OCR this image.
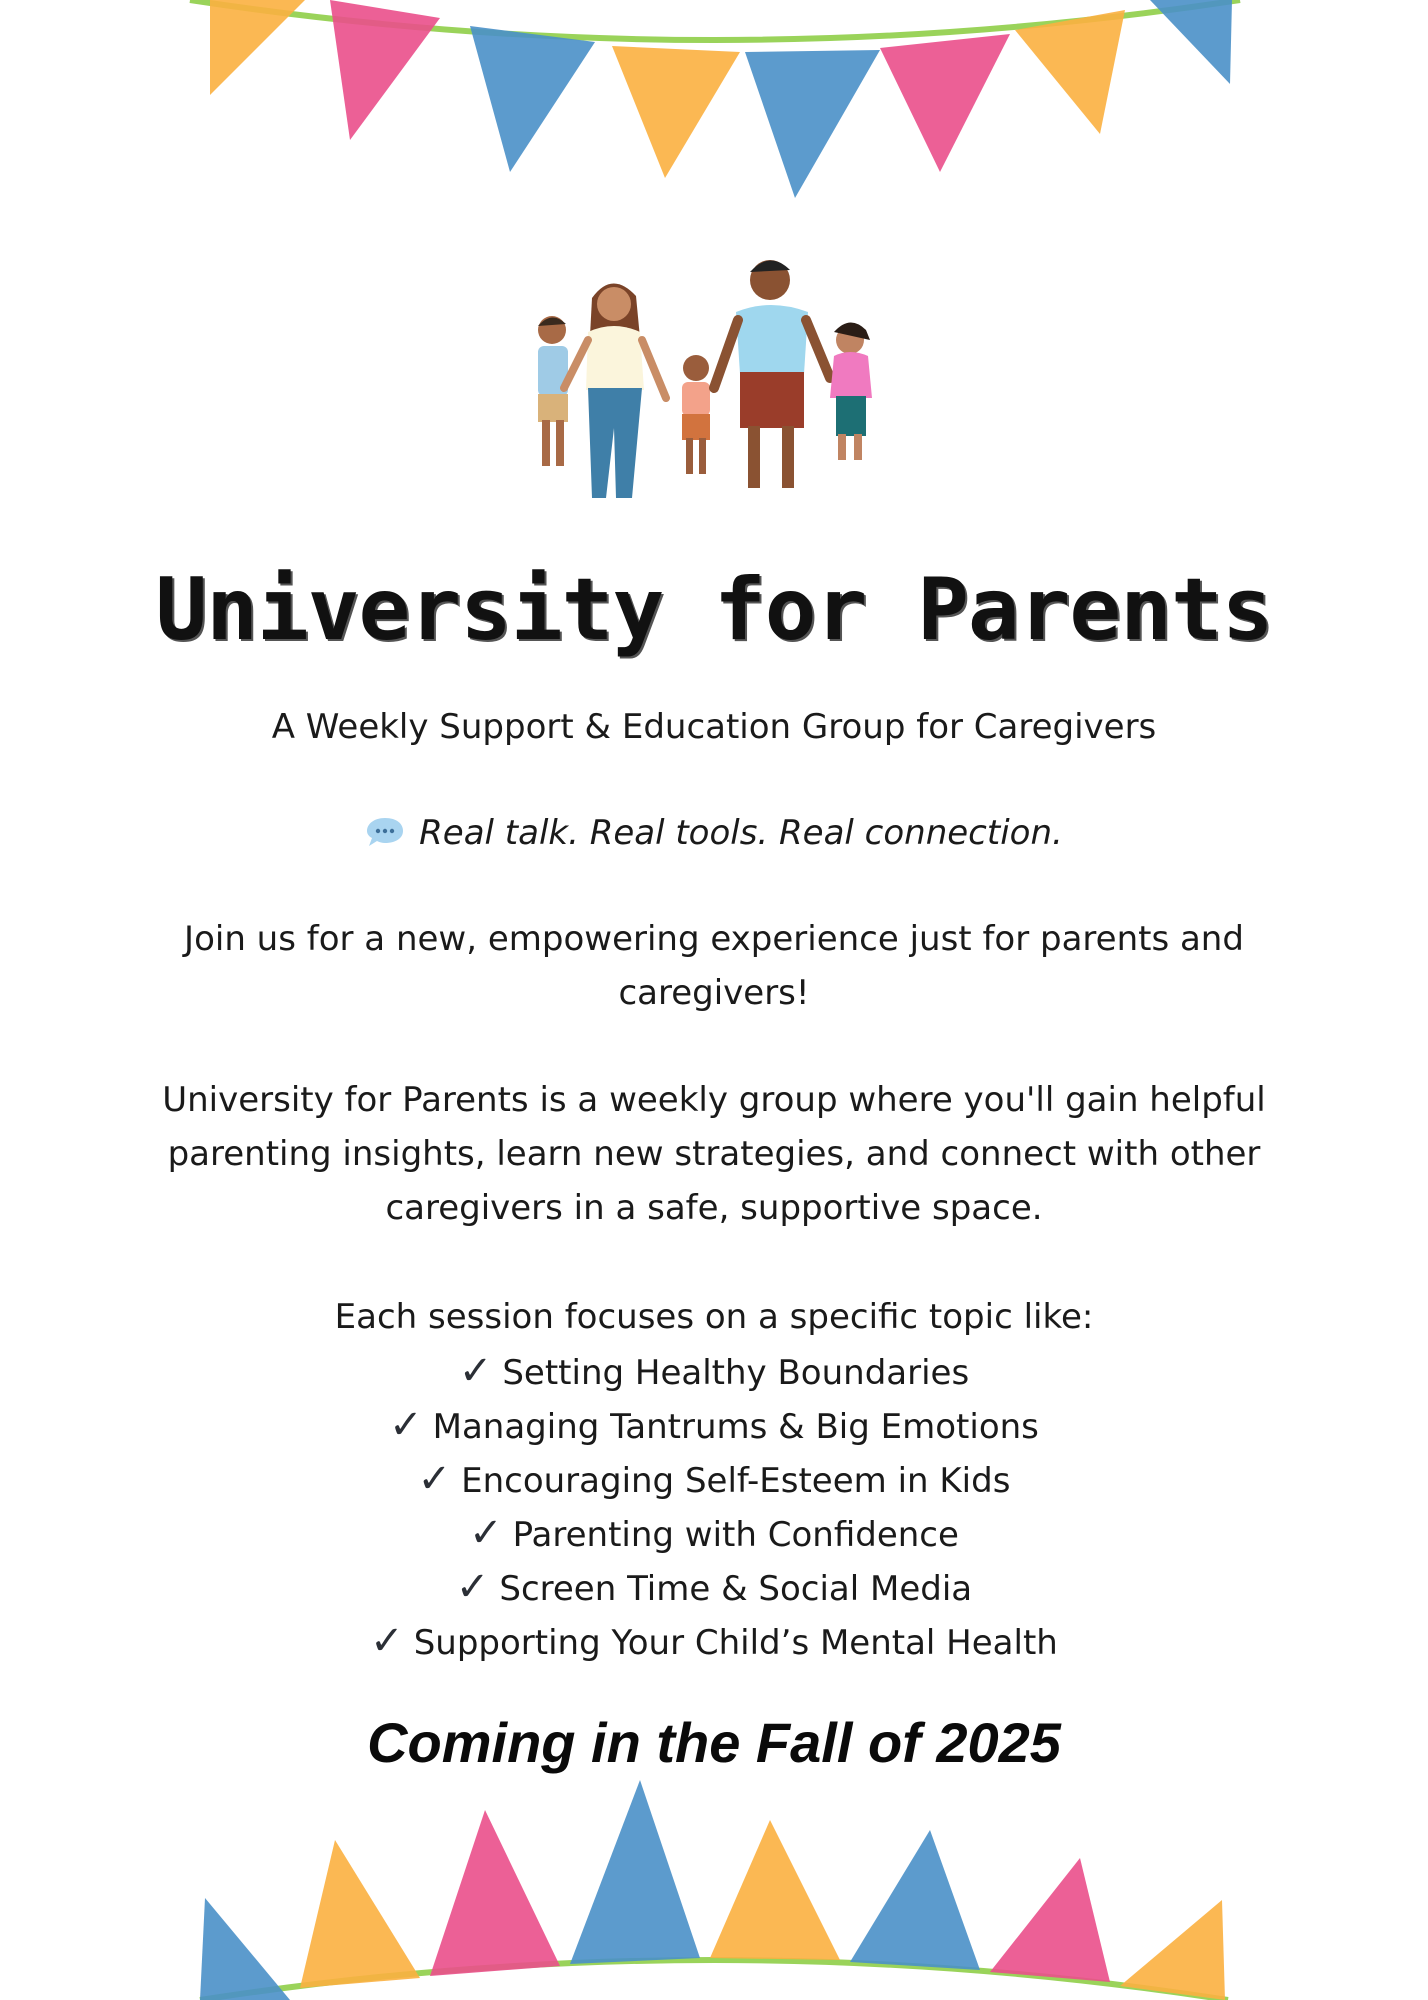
University for Parents
A Weekly Support & Education Group for Caregivers
Real talk. Real tools. Real connection.
Join us for a new, empowering experience just for parents and caregivers!
University for Parents is a weekly group where you'll gain helpful parenting insights, learn new strategies, and connect with other caregivers in a safe, supportive space.
Each session focuses on a specific topic like:
✓ Setting Healthy Boundaries
✓ Managing Tantrums & Big Emotions
✓ Encouraging Self-Esteem in Kids
✓ Parenting with Confidence
✓ Screen Time & Social Media
✓ Supporting Your Child’s Mental Health
Coming in the Fall of 2025
